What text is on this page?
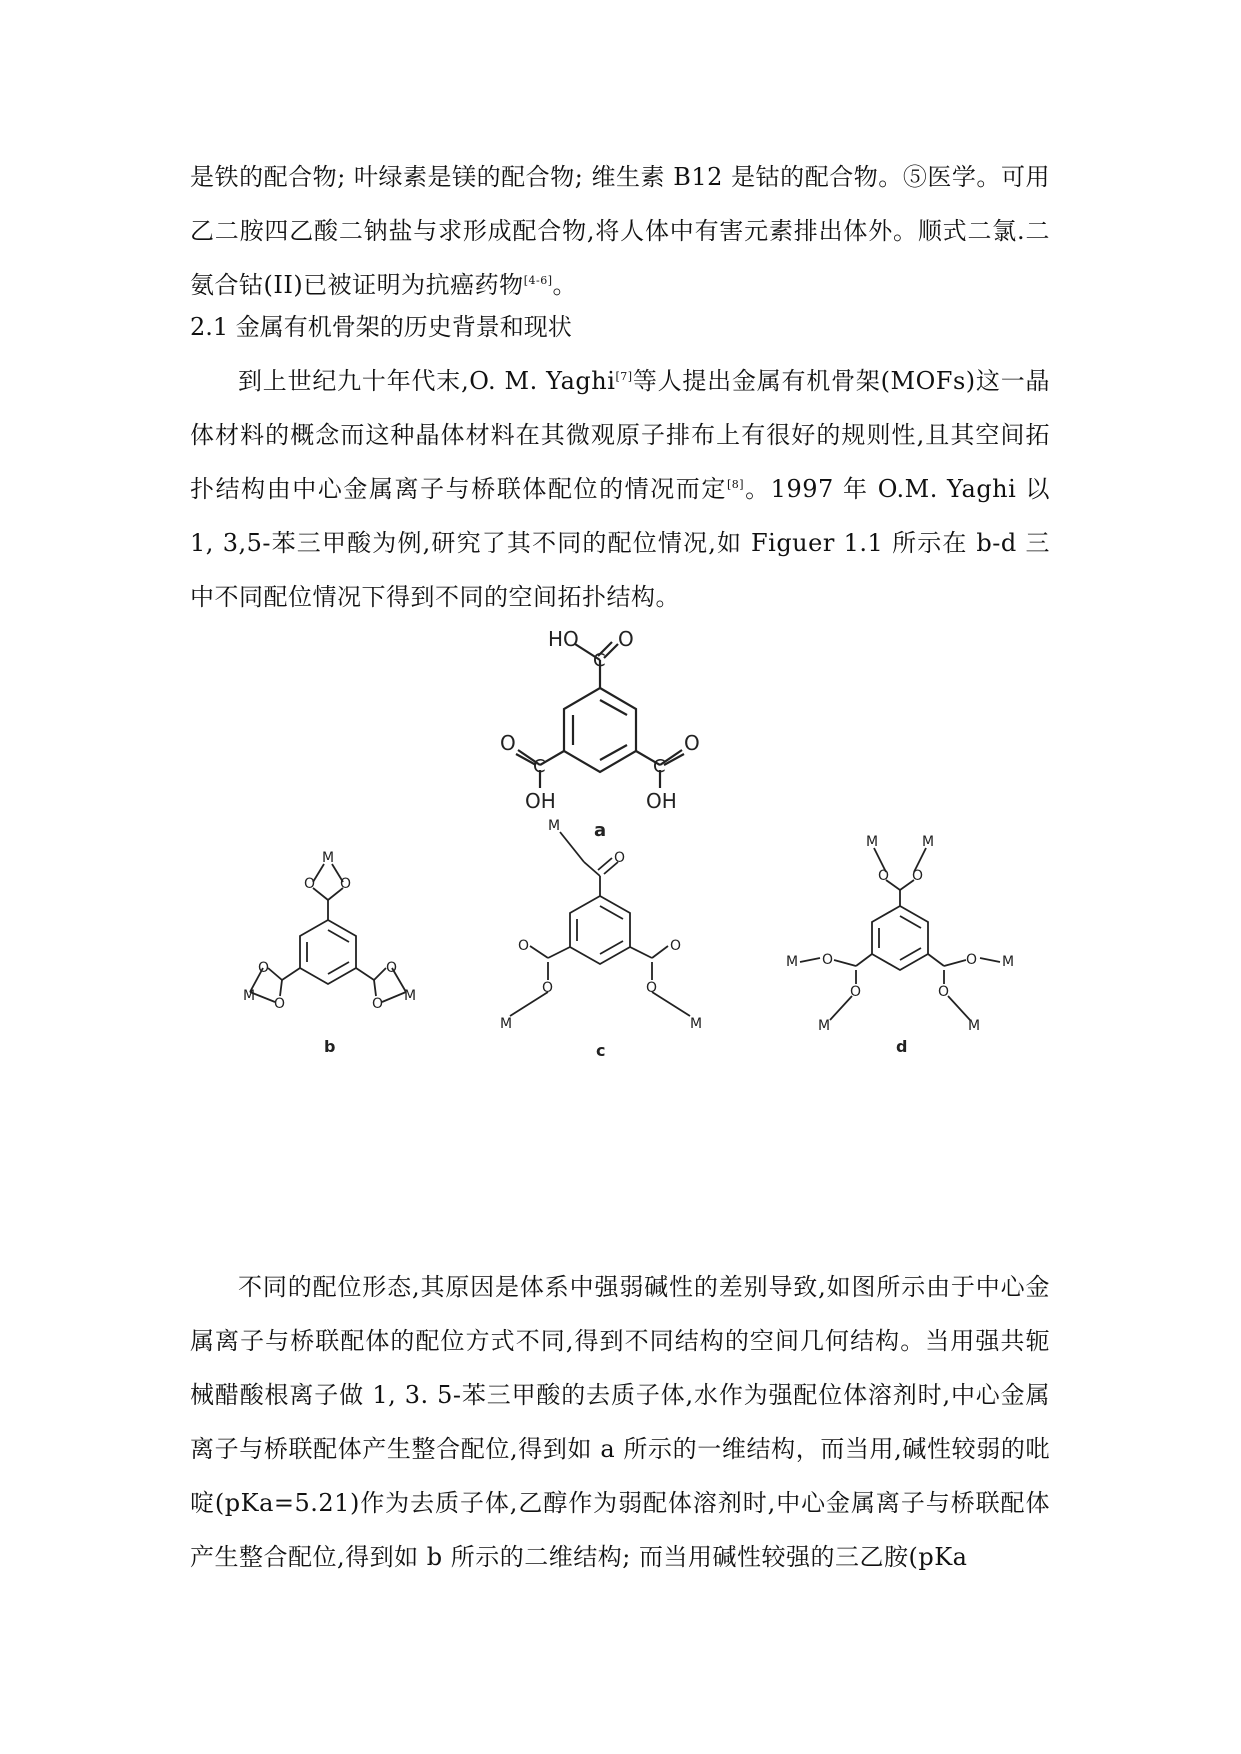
是铁的配合物; 叶绿素是镁的配合物; 维生素 B12 是钴的配合物。⑤医学。可用乙二胺四乙酸二钠盐与求形成配合物,将人体中有害元素排出体外。顺式二氯.二氨合钴(II)已被证明为抗癌药物[4-6]。

2.1 金属有机骨架的历史背景和现状

到上世纪九十年代末,O. M. Yaghi[7]等人提出金属有机骨架(MOFs)这一晶体材料的概念而这种晶体材料在其微观原子排布上有很好的规则性,且其空间拓扑结构由中心金属离子与桥联体配位的情况而定[8]。1997 年 O.M. Yaghi 以 1, 3,5-苯三甲酸为例,研究了其不同的配位情况,如 Figuer 1.1 所示在 b-d 三中不同配位情况下得到不同的空间拓扑结构。

HO
C
O
O
C
OH
O
C
OH
a
M
O O
O
M O
O
M
O
b
M
O
O
O
M
O
O
M
c
M	M
O O
M O
O
M
O M
O
M
d

不同的配位形态,其原因是体系中强弱碱性的差别导致,如图所示由于中心金属离子与桥联配体的配位方式不同,得到不同结构的空间几何结构。当用强共轭械醋酸根离子做 1, 3. 5-苯三甲酸的去质子体,水作为强配位体溶剂时,中心金属离子与桥联配体产生整合配位,得到如 a 所示的一维结构，而当用,碱性较弱的吡啶(pKa=5.21)作为去质子体,乙醇作为弱配体溶剂时,中心金属离子与桥联配体产生整合配位,得到如 b 所示的二维结构; 而当用碱性较强的三乙胺(pKa
